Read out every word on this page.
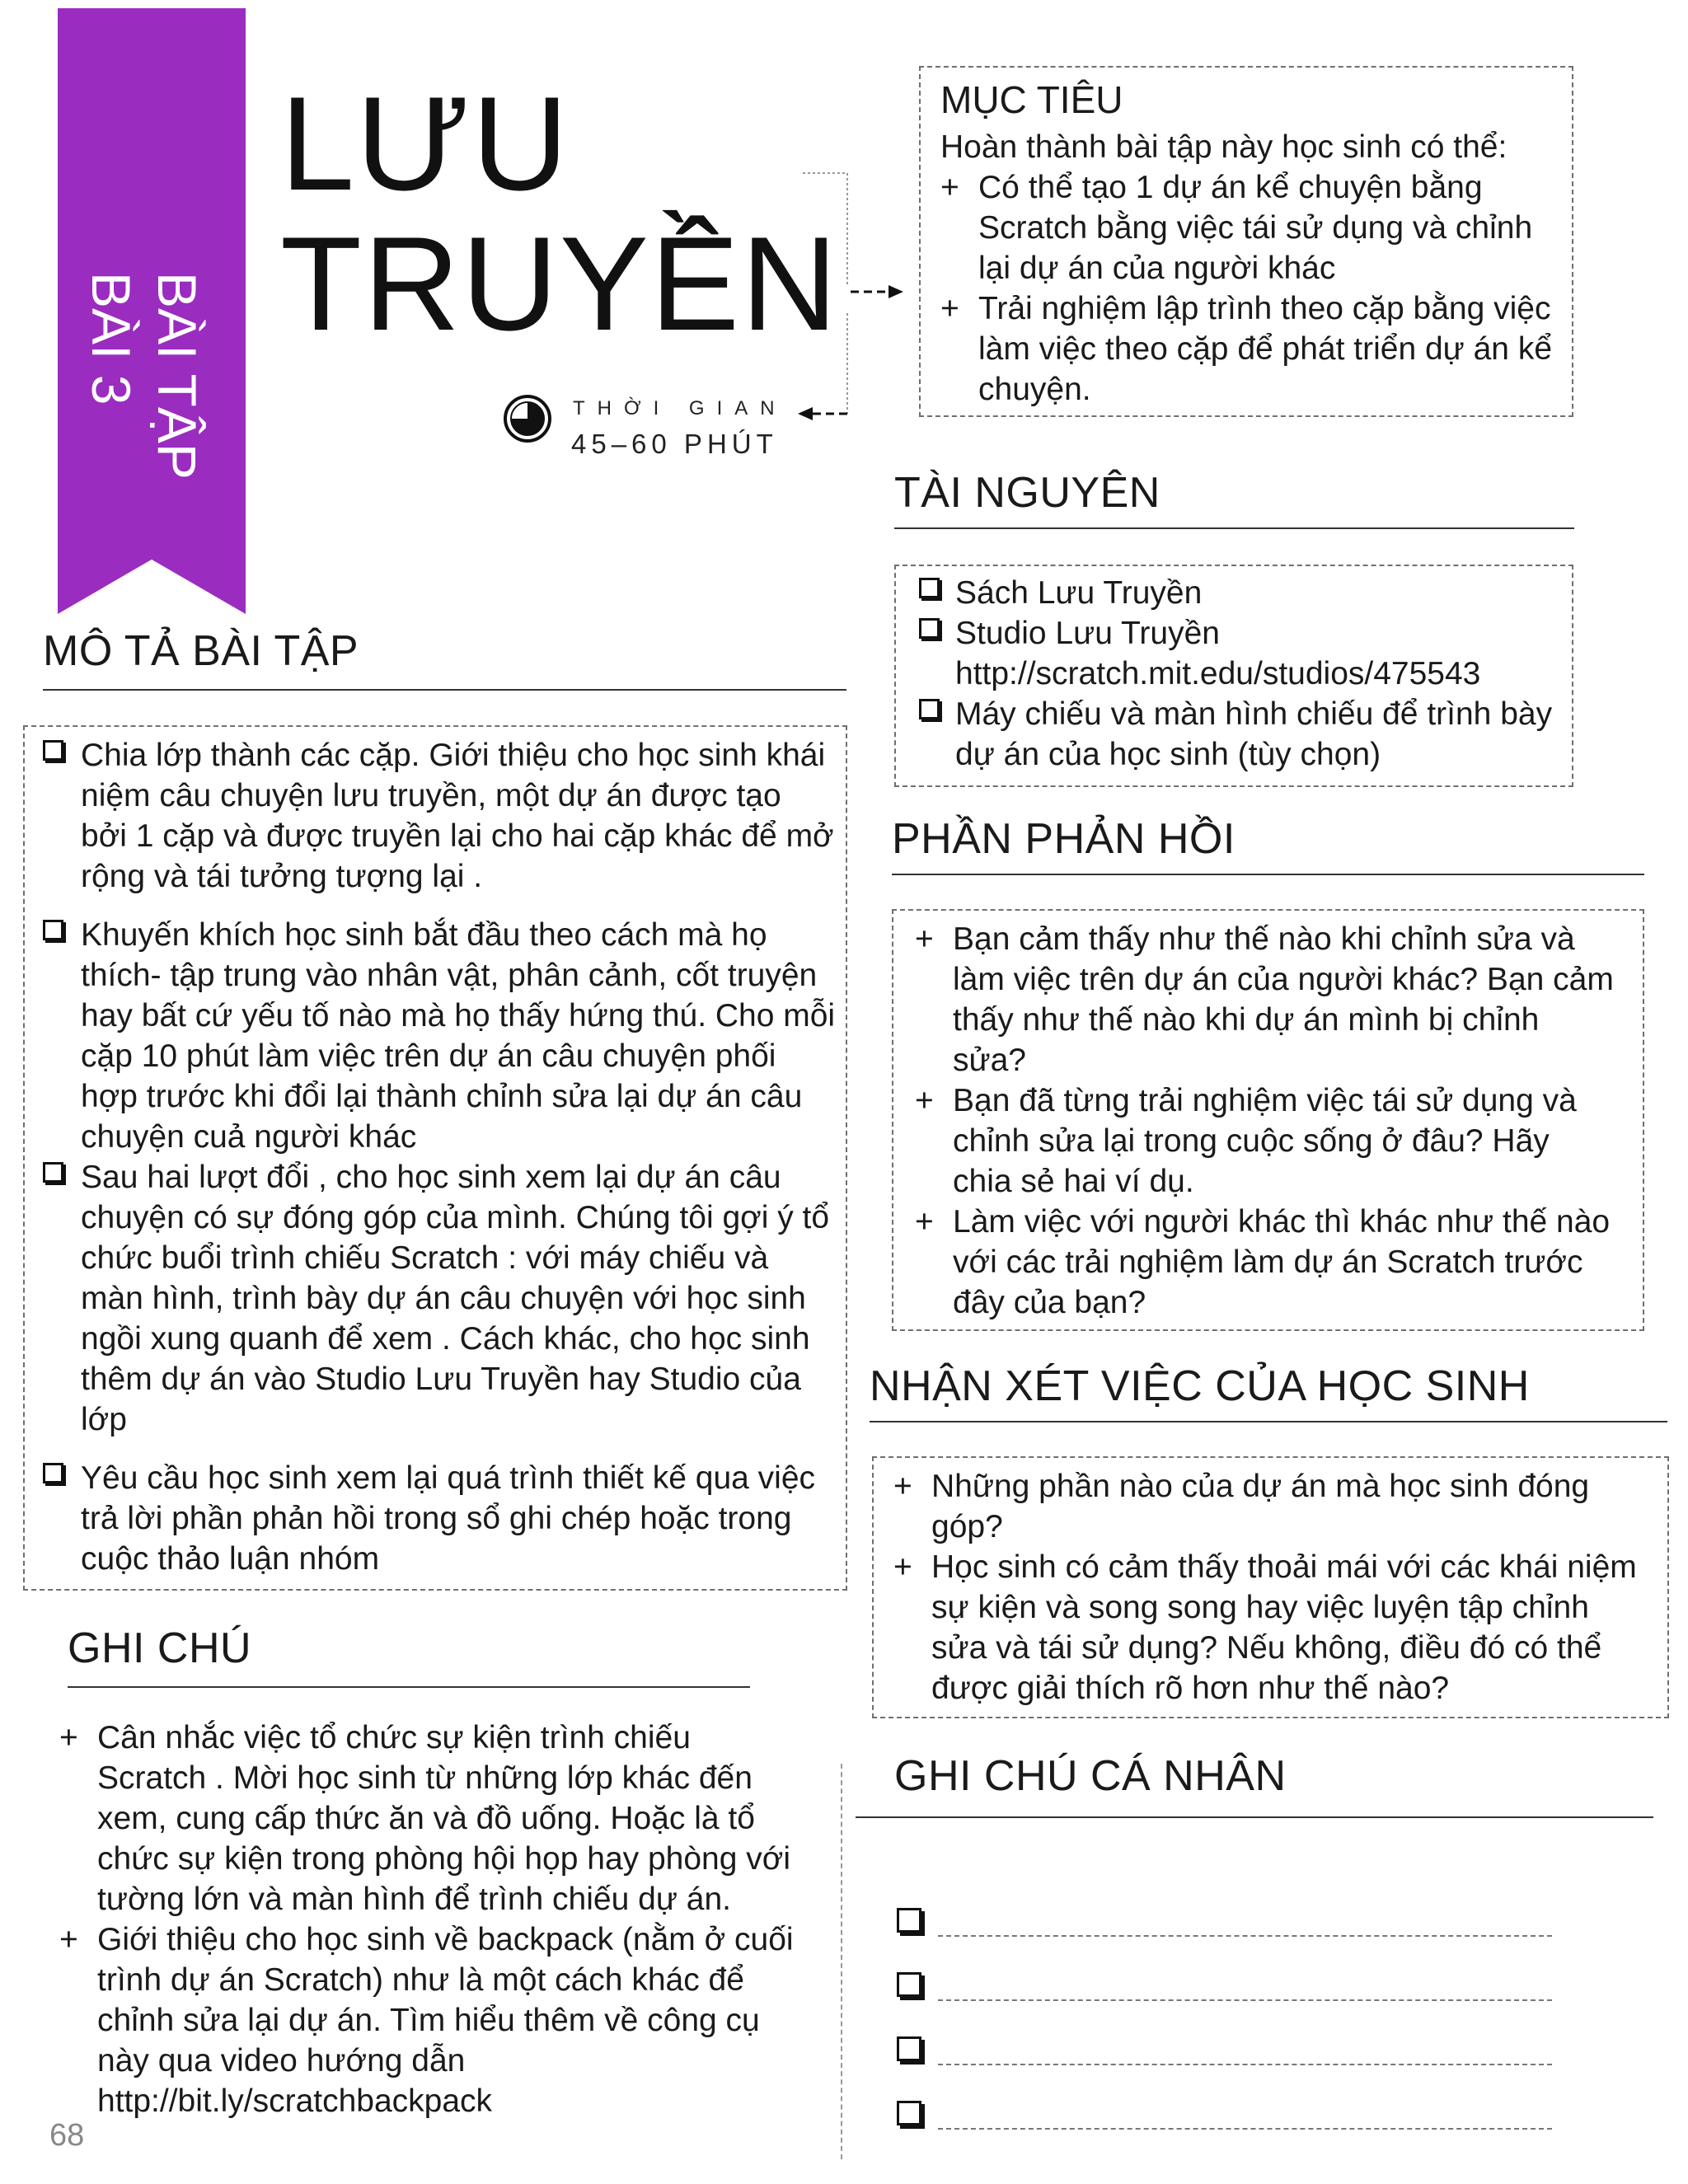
BÀI TẬP
BÀI 3
LƯU
TRUYỀN
THỜI GIAN
45–60 PHÚT
MỤC TIÊU
Hoàn thành bài tập này học sinh có thể:
+ Có thể tạo 1 dự án kể chuyện bằng Scratch bằng việc tái sử dụng và chỉnh lại dự án của người khác
+ Trải nghiệm lập trình theo cặp bằng việc làm việc theo cặp để phát triển dự án kể chuyện.
TÀI NGUYÊN
Sách Lưu Truyền
Studio Lưu Truyền http://scratch.mit.edu/studios/475543
Máy chiếu và màn hình chiếu để trình bày dự án của học sinh (tùy chọn)
MÔ TẢ BÀI TẬP
Chia lớp thành các cặp. Giới thiệu cho học sinh khái niệm câu chuyện lưu truyền, một dự án được tạo bởi 1 cặp và được truyền lại cho hai cặp khác để mở rộng và tái tưởng tượng lại .
Khuyến khích học sinh bắt đầu theo cách mà họ thích- tập trung vào nhân vật, phân cảnh, cốt truyện hay bất cứ yếu tố nào mà họ thấy hứng thú. Cho mỗi cặp 10 phút làm việc trên dự án câu chuyện phối hợp trước khi đổi lại thành chỉnh sửa lại dự án câu chuyện cuả người khác
Sau hai lượt đổi , cho học sinh xem lại dự án câu chuyện có sự đóng góp của mình. Chúng tôi gợi ý tổ chức buổi trình chiếu Scratch : với máy chiếu và màn hình, trình bày dự án câu chuyện với học sinh ngồi xung quanh để xem . Cách khác, cho học sinh thêm dự án vào Studio Lưu Truyền hay Studio của lớp
Yêu cầu học sinh xem lại quá trình thiết kế qua việc trả lời phần phản hồi trong sổ ghi chép hoặc trong cuộc thảo luận nhóm
PHẦN PHẢN HỒI
+ Bạn cảm thấy như thế nào khi chỉnh sửa và làm việc trên dự án của người khác? Bạn cảm thấy như thế nào khi dự án mình bị chỉnh sửa?
+ Bạn đã từng trải nghiệm việc tái sử dụng và chỉnh sửa lại trong cuộc sống ở đâu? Hãy chia sẻ hai ví dụ.
+ Làm việc với người khác thì khác như thế nào với các trải nghiệm làm dự án Scratch trước đây của bạn?
NHẬN XÉT VIỆC CỦA HỌC SINH
+ Những phần nào của dự án mà học sinh đóng góp?
+ Học sinh có cảm thấy thoải mái với các khái niệm sự kiện và song song hay việc luyện tập chỉnh sửa và tái sử dụng? Nếu không, điều đó có thể được giải thích rõ hơn như thế nào?
GHI CHÚ
+ Cân nhắc việc tổ chức sự kiện trình chiếu Scratch . Mời học sinh từ những lớp khác đến xem, cung cấp thức ăn và đồ uống. Hoặc là tổ chức sự kiện trong phòng hội họp hay phòng với tường lớn và màn hình để trình chiếu dự án.
+ Giới thiệu cho học sinh về backpack (nằm ở cuối trình dự án Scratch) như là một cách khác để chỉnh sửa lại dự án. Tìm hiểu thêm về công cụ này qua video hướng dẫn http://bit.ly/scratchbackpack
GHI CHÚ CÁ NHÂN
68
